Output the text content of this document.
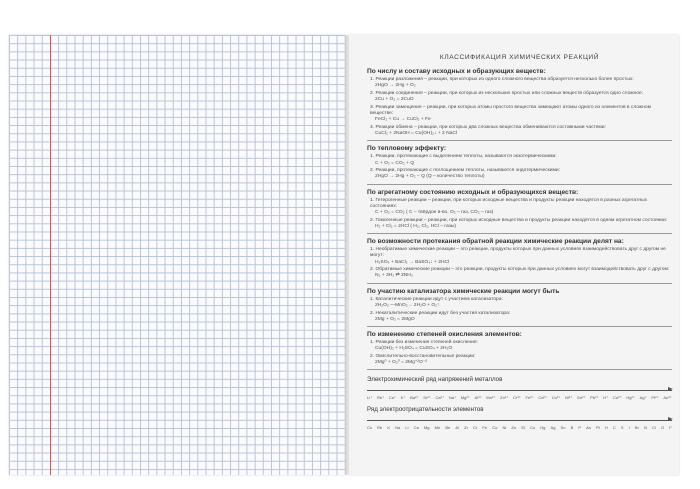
КЛАССИФИКАЦИЯ ХИМИЧЕСКИХ РЕАКЦИЙ
По числу и составу исходных и образующих веществ:
1. Реакции разложения – реакции, при которых из одного сложного вещества образуется несколько более простых:
2HgO → 2Hg + O₂
2. Реакции соединения – реакции, при которых из нескольких простых или сложных веществ образуется одно сложное:
2Cu + O₂ = 2CuO
3. Реакции замещения – реакции, при которых атомы простого вещества замещают атомы одного из элементов в сложном веществе:
FeCl₂ + Cu → CuCl₂ + Fe
4. Реакции обмена – реакции, при которых два сложных вещества обмениваются составными частями:
CuCl₂ + 2NaOH = Cu(OH)₂↓ + 2 NaCl
По тепловому эффекту:
1. Реакции, протекающие с выделением теплоты, называются экзотермическими:
C + O₂ = CO₂ + Q
2. Реакции, протекающие с поглощением теплоты, называются эндотермическими:
2HgO → 2Hg + O₂ – Q (Q – количество теплоты)
По агрегатному состоянию исходных и образующихся веществ:
1. Гетерогенные реакции – реакции, при которых исходные вещества и продукты реакции находятся в разных агрегатных состояниях:
C + O₂ = CO₂ ( C – твёрдое в-во, O₂ – газ, CO₂ – газ)
2. Гомогенные реакции – реакции, при которых исходные вещества и продукты реакции находятся в одном агрегатном состоянии:
H₂ + Cl₂ = 2HCl ( H₂, Cl₂, HCl – газы)
По возможности протекания обратной реакции химические реакции делят на:
1. Необратимые химические реакции – это реакции, продукты которых при данных условиях взаимодействовать друг с другом не могут:
H₂SO₄ + BaCl₂ → BaSO₄↓ + 2HCl
2. Обратимые химические реакции – это реакции, продукты которых при данных условиях могут взаимодействовать друг с другом:
N₂ + 3H₂ ⇄ 2NH₃
По участию катализатора химические реакции могут быть
1. Каталитические реакции идут с участием катализатора:
2H₂O₂ —MnO₂→ 2H₂O + O₂↑
2. Некаталитические реакции идут без участия катализатора:
2Mg + O₂ = 2MgO
По изменению степеней окисления элементов:
1. Реакции без изменения степеней окисления:
Cu(OH)₂ + H₂SO₄ = CuSO₄ + 2H₂O
2. Окислительно-восстановительные реакции:
2Mg⁰ + O₂⁰ = 2Mg⁺²O⁻²
Электрохимический ряд напряжений металлов
Li⁺ Rb⁺ Cs⁺ K⁺ Ba²⁺ Sr²⁺ Ca²⁺ Na⁺ Mg²⁺ Al³⁺ Mn²⁺ Zn²⁺ Cr³⁺ Fe²⁺ Cd²⁺ Co²⁺ Ni²⁺ Sn²⁺ Pb²⁺ H⁺ Cu²⁺ Hg²⁺ Ag⁺ Pt²⁺ Au³⁺
Ряд электроотрицательности элементов
Cs Rb K Na Li Ca Mg Mn Be Al Zr Cr Fe Co Ni Zn Si Cu Hg Ag Sn B P As Pt H C S I Br N Cl O F
